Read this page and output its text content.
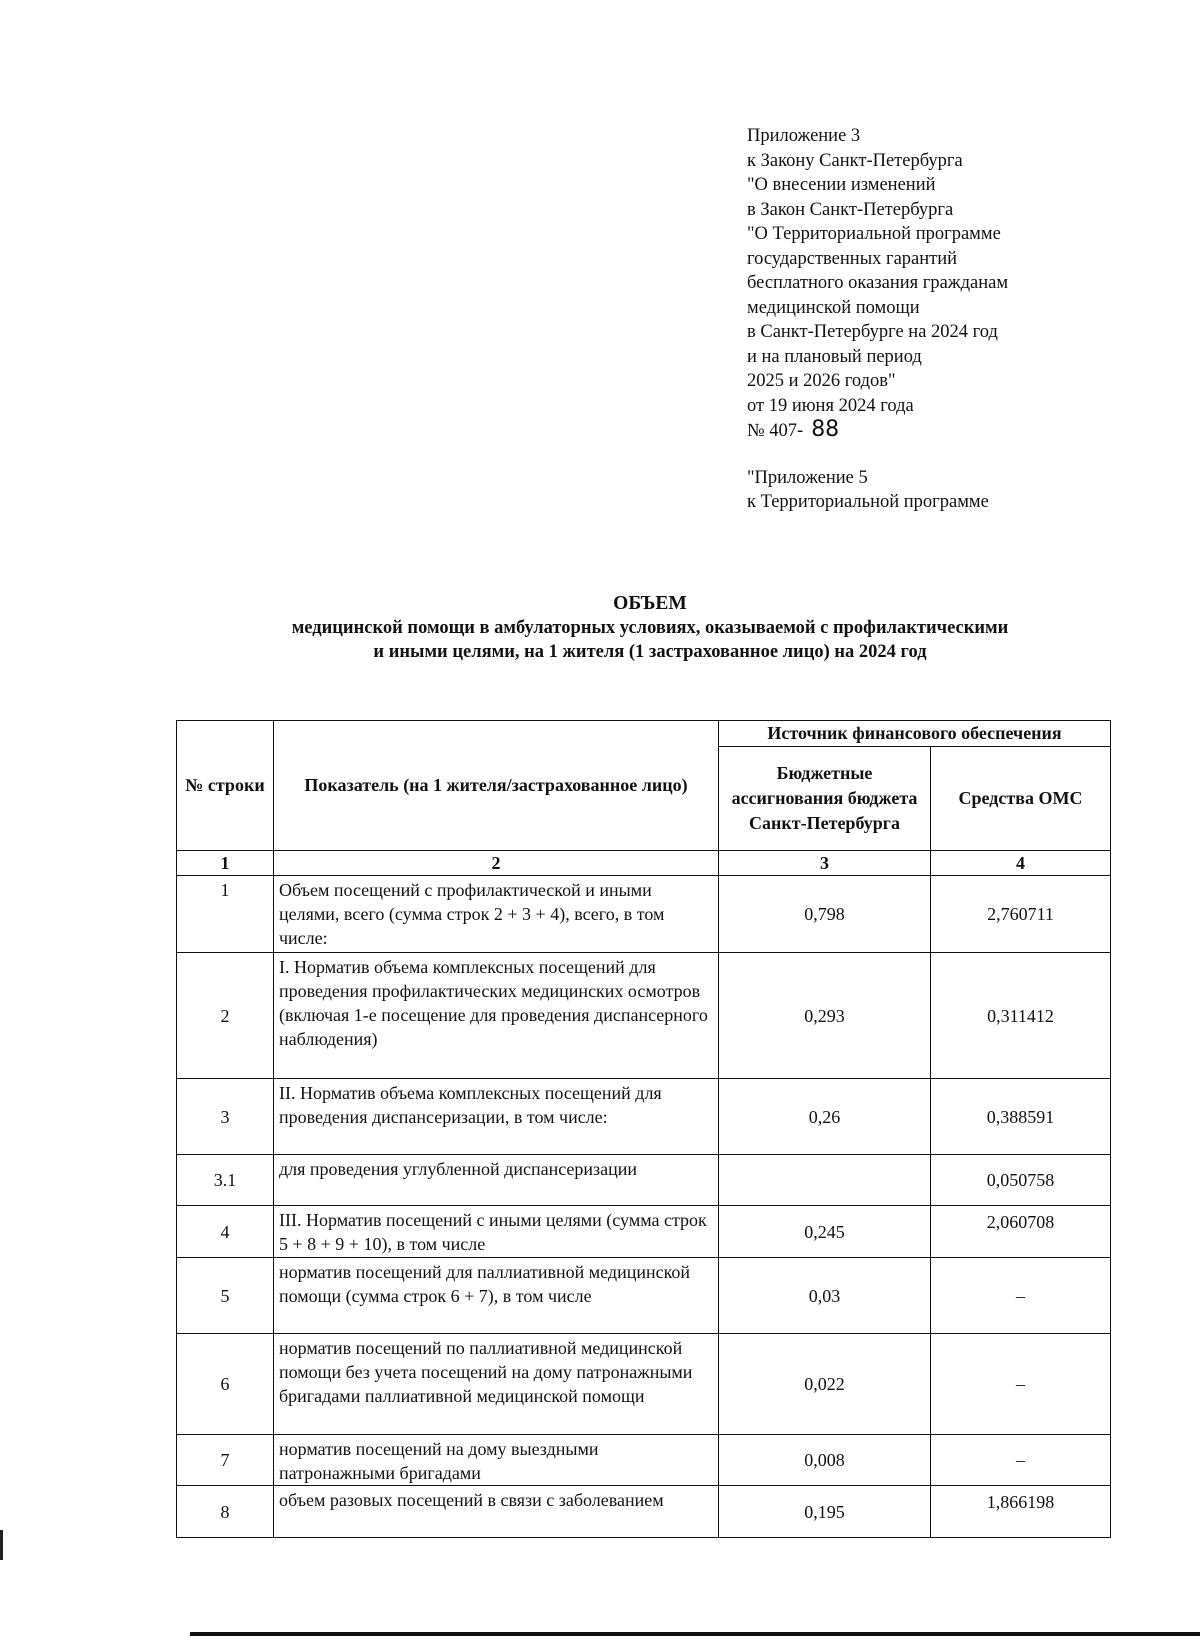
Приложение 3
к Закону Санкт-Петербурга
"О внесении изменений
в Закон Санкт-Петербурга
"О Территориальной программе
государственных гарантий
бесплатного оказания гражданам
медицинской помощи
в Санкт-Петербурге на 2024 год
и на плановый период
2025 и 2026 годов"
от 19 июня 2024 года
№ 407- 88
"Приложение 5
к Территориальной программе
ОБЪЕМ
медицинской помощи в амбулаторных условиях, оказываемой с профилактическими
и иными целями, на 1 жителя (1 застрахованное лицо) на 2024 год
№ строки	Показатель (на 1 жителя/застрахованное лицо)	Источник финансового обеспечения	
		Бюджетные ассигнования бюджета Санкт-Петербурга	Средства ОМС
1	2	3	4
1	Объем посещений с профилактической и иными целями, всего (сумма строк 2 + 3 + 4), всего, в том числе:	0,798	2,760711
2	I. Норматив объема комплексных посещений для проведения профилактических медицинских осмотров (включая 1-е посещение для проведения диспансерного наблюдения)	0,293	0,311412
3	II. Норматив объема комплексных посещений для проведения диспансеризации, в том числе:	0,26	0,388591
3.1	для проведения углубленной диспансеризации		0,050758
4	III. Норматив посещений с иными целями (сумма строк 5 + 8 + 9 + 10), в том числе	0,245	2,060708
5	норматив посещений для паллиативной медицинской помощи (сумма строк 6 + 7), в том числе	0,03	–
6	норматив посещений по паллиативной медицинской помощи без учета посещений на дому патронажными бригадами паллиативной медицинской помощи	0,022	–
7	норматив посещений на дому выездными патронажными бригадами	0,008	–
8	объем разовых посещений в связи с заболеванием	0,195	1,866198
